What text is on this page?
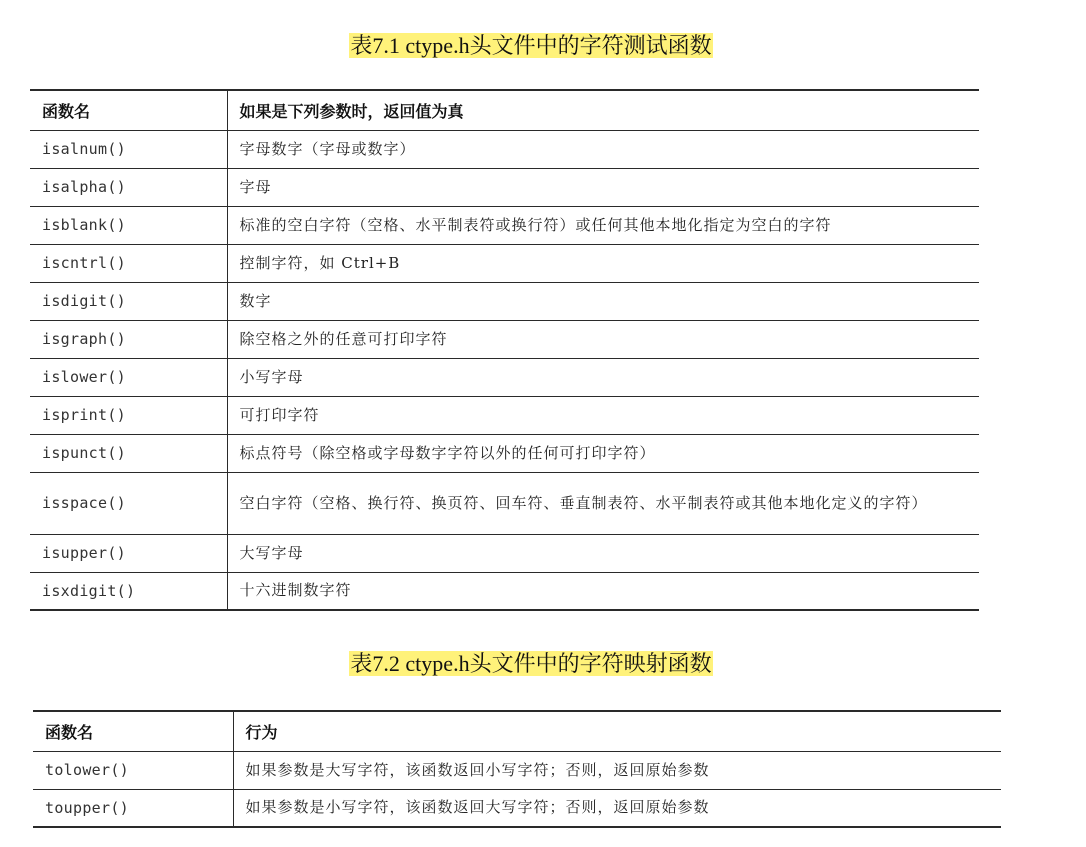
表7.1 ctype.h头文件中的字符测试函数
函数名	如果是下列参数时，返回值为真
isalnum()	字母数字（字母或数字）
isalpha()	字母
isblank()	标准的空白字符（空格、水平制表符或换行符）或任何其他本地化指定为空白的字符
iscntrl()	控制字符，如 Ctrl+B
isdigit()	数字
isgraph()	除空格之外的任意可打印字符
islower()	小写字母
isprint()	可打印字符
ispunct()	标点符号（除空格或字母数字字符以外的任何可打印字符）
isspace()	空白字符（空格、换行符、换页符、回车符、垂直制表符、水平制表符或其他本地化定义的字符）
isupper()	大写字母
isxdigit()	十六进制数字符
表7.2 ctype.h头文件中的字符映射函数
函数名	行为
tolower()	如果参数是大写字符，该函数返回小写字符；否则，返回原始参数
toupper()	如果参数是小写字符，该函数返回大写字符；否则，返回原始参数
